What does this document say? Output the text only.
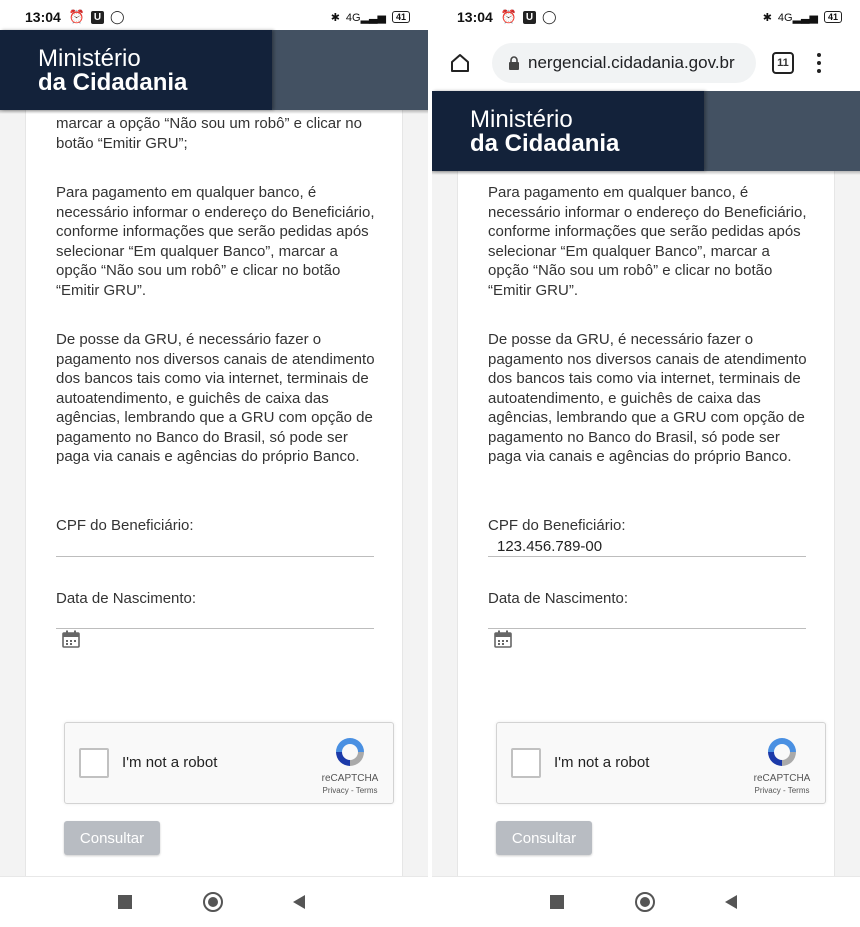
13:04 ⏰ U ◯	✱ 4G▂▃▅	41

marcar a opção “Não sou um robô” e clicar no botão “Emitir GRU”;

Para pagamento em qualquer banco, é necessário informar o endereço do Beneficiário, conforme informações que serão pedidas após selecionar “Em qualquer Banco”, marcar a opção “Não sou um robô” e clicar no botão “Emitir GRU”.

De posse da GRU, é necessário fazer o pagamento nos diversos canais de atendimento dos bancos tais como via internet, terminais de autoatendimento, e guichês de caixa das agências, lembrando que a GRU com opção de pagamento no Banco do Brasil, só pode ser paga via canais e agências do próprio Banco.

CPF do Beneficiário:
Data de Nascimento:
I'm not a robot
reCAPTCHA
Privacy - Terms
Consultar
Ministério
da Cidadania
13:04 ⏰ U ◯	✱ 4G▂▃▅	41
nergencial.cidadania.gov.br	11

Para pagamento em qualquer banco, é necessário informar o endereço do Beneficiário, conforme informações que serão pedidas após selecionar “Em qualquer Banco”, marcar a opção “Não sou um robô” e clicar no botão “Emitir GRU”.

De posse da GRU, é necessário fazer o pagamento nos diversos canais de atendimento dos bancos tais como via internet, terminais de autoatendimento, e guichês de caixa das agências, lembrando que a GRU com opção de pagamento no Banco do Brasil, só pode ser paga via canais e agências do próprio Banco.

CPF do Beneficiário:
123.456.789-00
Data de Nascimento:
I'm not a robot
reCAPTCHA
Privacy - Terms
Consultar
Ministério
da Cidadania
